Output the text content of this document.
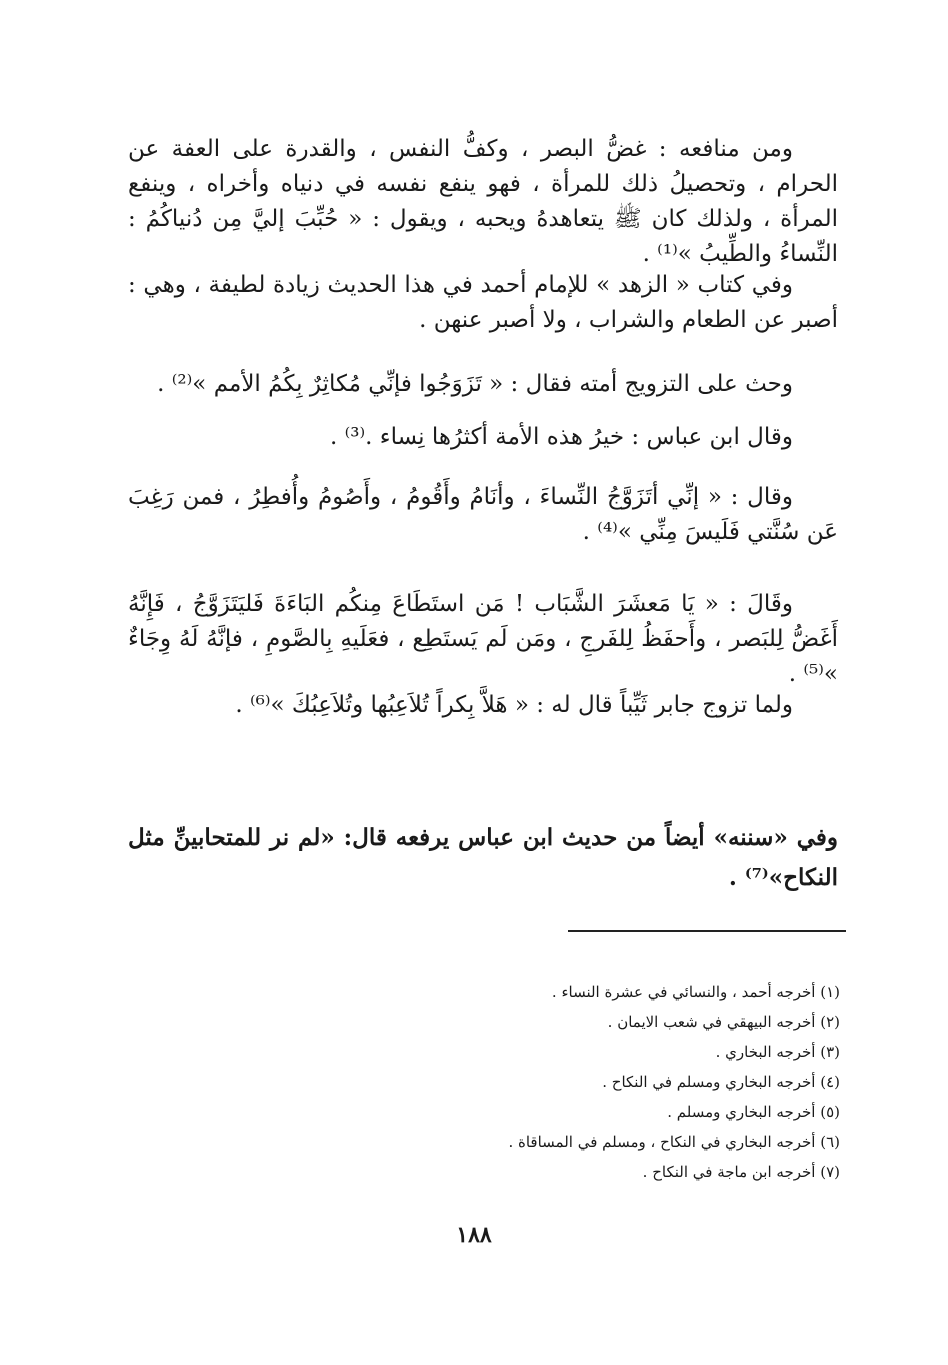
ومن منافعه : غضُّ البصر ، وكفُّ النفس ، والقدرة على العفة عن الحرام ، وتحصيلُ ذلك للمرأة ، فهو ينفع نفسه في دنياه وأخراه ، وينفع المرأة ، ولذلك كان ﷺ يتعاهدهُ ويحبه ، ويقول : « حُبِّبَ إليَّ مِن دُنياكُمُ : النِّساءُ والطِّيبُ »⁽¹⁾ .

وفي كتاب « الزهد » للإمام أحمد في هذا الحديث زيادة لطيفة ، وهي : أصبر عن الطعام والشراب ، ولا أصبر عنهن .

وحث على التزويج أمته فقال : « تَزَوَجُوا فإنِّي مُكاثِرٌ بِكُمُ الأمم »⁽²⁾ .

وقال ابن عباس : خيرُ هذه الأمة أكثرُها نِساء .⁽³⁾ .

وقال : « إنِّي أتَزَوَّجُ النِّساءَ ، وأنَامُ وأَقُومُ ، وأَصُومُ وأُفطِرُ ، فمن رَغِبَ عَن سُنَّتي فَلَيسَ مِنِّي »⁽⁴⁾ .

وقَالَ : « يَا مَعشَرَ الشَّبَاب ! مَن استَطَاعَ مِنكُم البَاءَةَ فَليَتَزَوَّجُ ، فَإِنَّهُ أَغَضُّ لِلبَصر ، وأَحفَظُ لِلفَرجِ ، ومَن لَم يَستَطِع ، فعَلَيهِ بِالصَّومِ ، فإنَّهُ لَهُ وِجَاءٌ »⁽⁵⁾ .

ولما تزوج جابر ثَيِّباً قال له : « هَلاَّ بِكراً تُلاَعِبُها وتُلاَعِبُكَ »⁽⁶⁾ .

وفي «سننه» أيضاً من حديث ابن عباس يرفعه قال: «لم نر للمتحابينِّ مثل النكاح»⁽⁷⁾ .

(١) أخرجه أحمد ، والنسائي في عشرة النساء .
(٢) أخرجه البيهقي في شعب الايمان .
(٣) أخرجه البخاري .
(٤) أخرجه البخاري ومسلم في النكاح .
(٥) أخرجه البخاري ومسلم .
(٦) أخرجه البخاري في النكاح ، ومسلم في المساقاة .
(٧) أخرجه ابن ماجة في النكاح .
١٨٨
